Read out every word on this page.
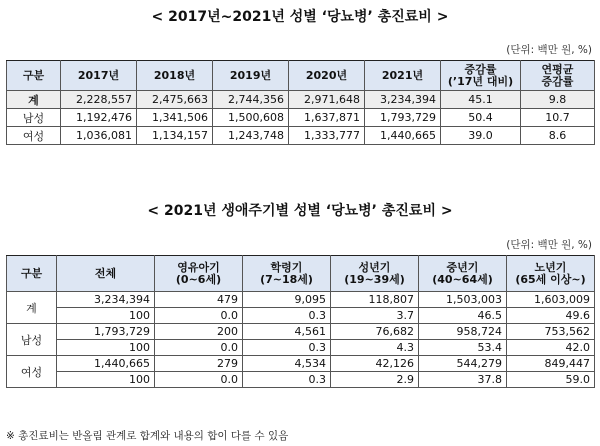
< 2017년~2021년 성별 ‘당뇨병’ 총진료비 >
(단위: 백만 원, %)
구분	2017년	2018년	2019년	2020년	2021년	증감률
(’17년 대비)	연평균
증감률
계	2,228,557	2,475,663	2,744,356	2,971,648	3,234,394	45.1	9.8
남성	1,192,476	1,341,506	1,500,608	1,637,871	1,793,729	50.4	10.7
여성	1,036,081	1,134,157	1,243,748	1,333,777	1,440,665	39.0	8.6
< 2021년 생애주기별 성별 ‘당뇨병’ 총진료비 >
(단위: 백만 원, %)
구분	전체	영유아기
(0~6세)	학령기
(7~18세)	성년기
(19~39세)	중년기
(40~64세)	노년기
(65세 이상~)
계	3,234,394	479	9,095	118,807	1,503,003	1,603,009
	100	0.0	0.3	3.7	46.5	49.6
남성	1,793,729	200	4,561	76,682	958,724	753,562
	100	0.0	0.3	4.3	53.4	42.0
여성	1,440,665	279	4,534	42,126	544,279	849,447
	100	0.0	0.3	2.9	37.8	59.0
※ 총진료비는 반올림 관계로 합계와 내용의 합이 다를 수 있음
